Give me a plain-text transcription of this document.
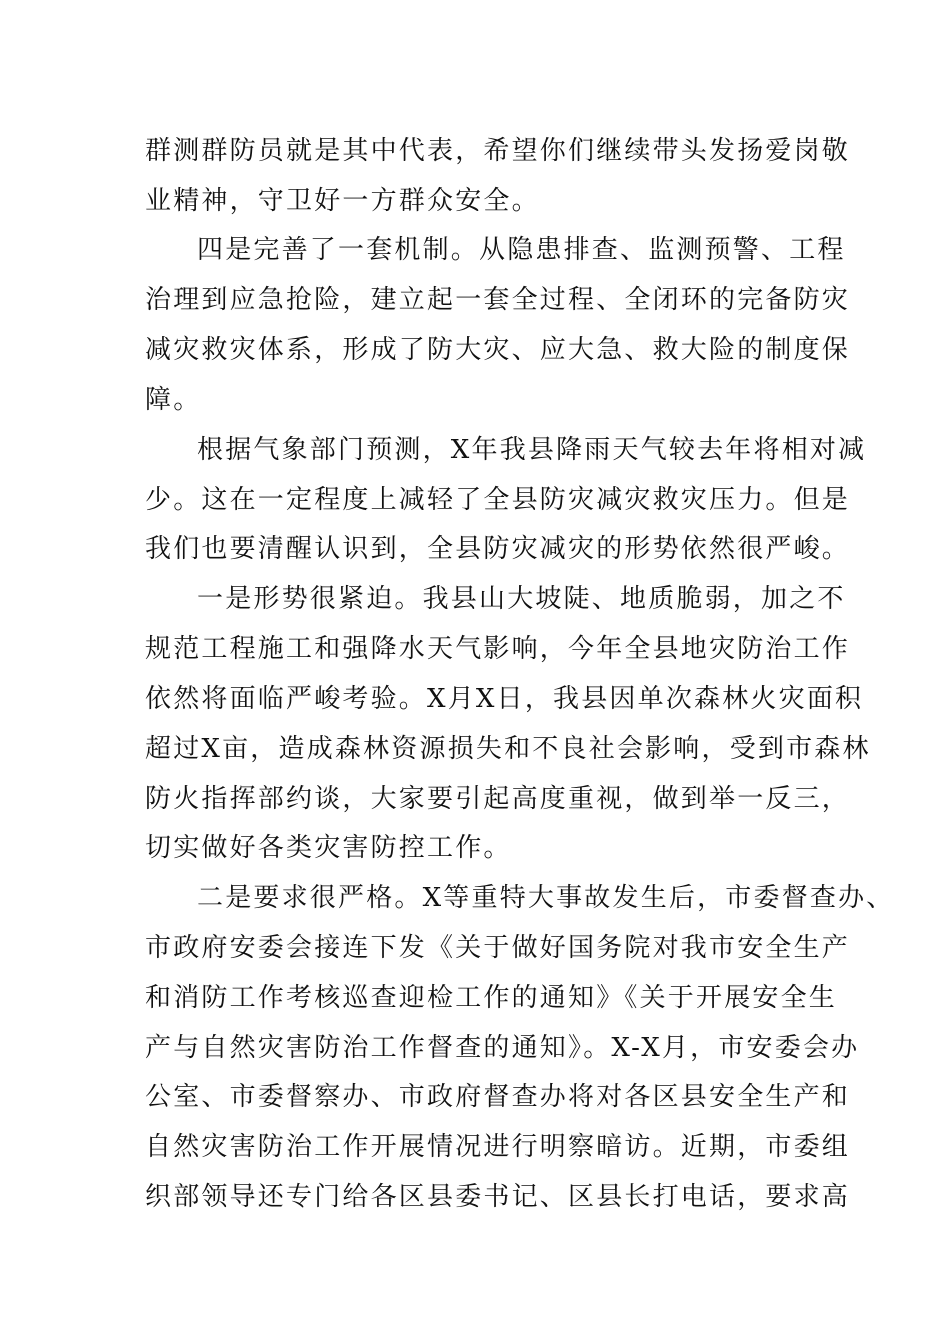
群测群防员就是其中代表，希望你们继续带头发扬爱岗敬
业精神，守卫好一方群众安全。
四是完善了一套机制。从隐患排查、监测预警、工程
治理到应急抢险，建立起一套全过程、全闭环的完备防灾
减灾救灾体系，形成了防大灾、应大急、救大险的制度保
障。
根据气象部门预测，X年我县降雨天气较去年将相对减
少。这在一定程度上减轻了全县防灾减灾救灾压力。但是
我们也要清醒认识到，全县防灾减灾的形势依然很严峻。
一是形势很紧迫。我县山大坡陡、地质脆弱，加之不
规范工程施工和强降水天气影响，今年全县地灾防治工作
依然将面临严峻考验。X月X日，我县因单次森林火灾面积
超过X亩，造成森林资源损失和不良社会影响，受到市森林
防火指挥部约谈，大家要引起高度重视，做到举一反三，
切实做好各类灾害防控工作。
二是要求很严格。X等重特大事故发生后，市委督查办、
市政府安委会接连下发《关于做好国务院对我市安全生产
和消防工作考核巡查迎检工作的通知》《关于开展安全生
产与自然灾害防治工作督查的通知》。X-X月，市安委会办
公室、市委督察办、市政府督查办将对各区县安全生产和
自然灾害防治工作开展情况进行明察暗访。近期，市委组
织部领导还专门给各区县委书记、区县长打电话，要求高
